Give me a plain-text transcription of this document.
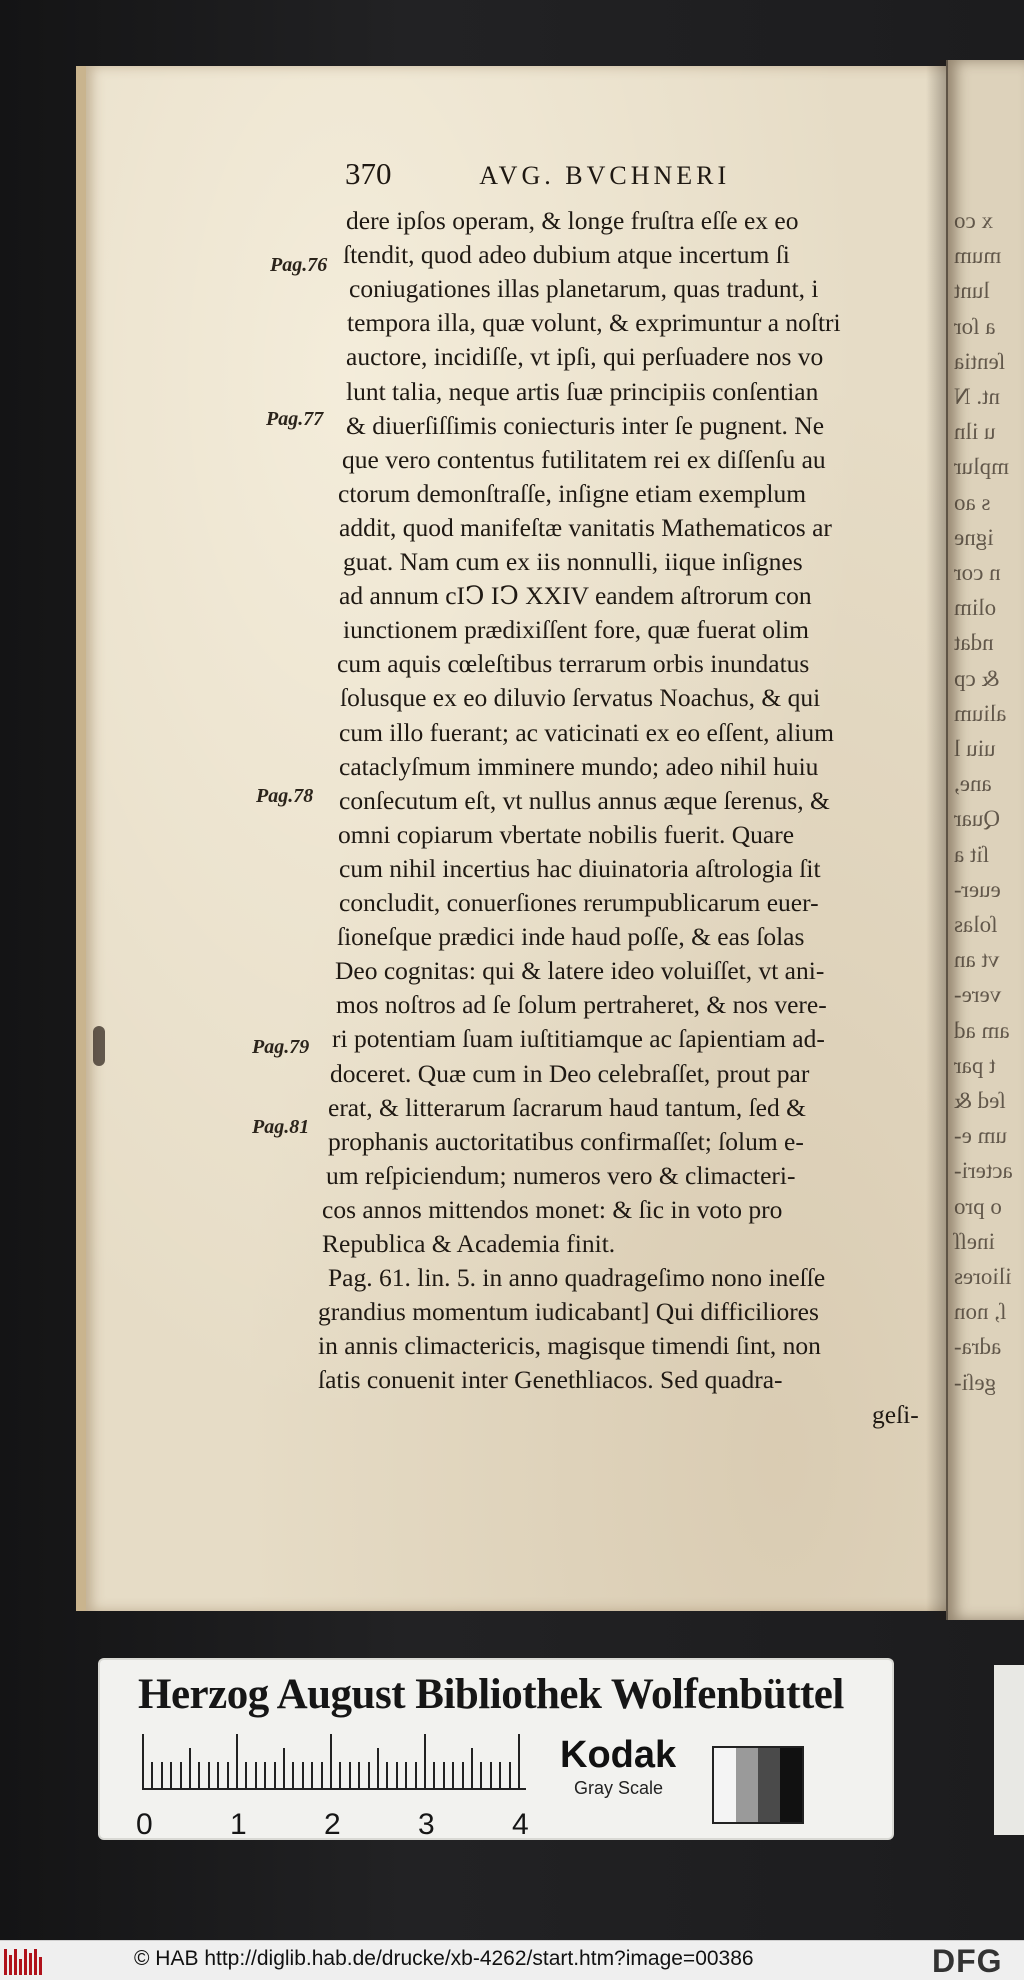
x co
mum
lunt
a ſor
ſentia
nt. N
u iln
mplur
s ao
igne
n cor
olim
ndat
& cp
alium
uiu l
ane,
Quar
ſit a
euer-
ſolas
vt an
vere-
am ad
t par
ſed &
um e-
acteri-
o pro
ineſſ
iliores
ſ, non
adra-
geſi-
370	AVG. BVCHNERI
dere ipſos operam, & longe fruſtra eſſe ex eo
ſtendit, quod adeo dubium atque incertum ſi
coniugationes illas planetarum, quas tradunt, i
tempora illa, quæ volunt, & exprimuntur a noſtri
auctore, incidiſſe, vt ipſi, qui perſuadere nos vo
lunt talia, neque artis ſuæ principiis conſentian
& diuerſiſſimis coniecturis inter ſe pugnent. Ne
que vero contentus futilitatem rei ex diſſenſu au
ctorum demonſtraſſe, inſigne etiam exemplum
addit, quod manifeſtæ vanitatis Mathematicos ar
guat. Nam cum ex iis nonnulli, iique inſignes
ad annum cIↃ IↃ XXIV eandem aſtrorum con
iunctionem prædixiſſent fore, quæ fuerat olim
cum aquis cœleſtibus terrarum orbis inundatus
ſolusque ex eo diluvio ſervatus Noachus, & qui
cum illo fuerant; ac vaticinati ex eo eſſent, alium
cataclyſmum imminere mundo; adeo nihil huiu
conſecutum eſt, vt nullus annus æque ſerenus, &
omni copiarum vbertate nobilis fuerit. Quare
cum nihil incertius hac diuinatoria aſtrologia ſit
concludit, conuerſiones rerumpublicarum euer-
ſioneſque prædici inde haud poſſe, & eas ſolas
Deo cognitas: qui & latere ideo voluiſſet, vt ani-
mos noſtros ad ſe ſolum pertraheret, & nos vere-
ri potentiam ſuam iuſtitiamque ac ſapientiam ad-
doceret. Quæ cum in Deo celebraſſet, prout par
erat, & litterarum ſacrarum haud tantum, ſed &
prophanis auctoritatibus confirmaſſet; ſolum e-
um reſpiciendum; numeros vero & climacteri-
cos annos mittendos monet: & ſic in voto pro
Republica & Academia finit.
Pag. 61. lin. 5. in anno quadrageſimo nono ineſſe
grandius momentum iudicabant] Qui difficiliores
in annis climactericis, magisque timendi ſint, non
ſatis conuenit inter Genethliacos. Sed quadra-
geſi-
Pag.76
Pag.77
Pag.78
Pag.79
Pag.81
Herzog August Bibliothek Wolfenbüttel
0	1	2	3	4
Kodak
Gray Scale
© HAB http://diglib.hab.de/drucke/xb-4262/start.htm?image=00386	DFG
